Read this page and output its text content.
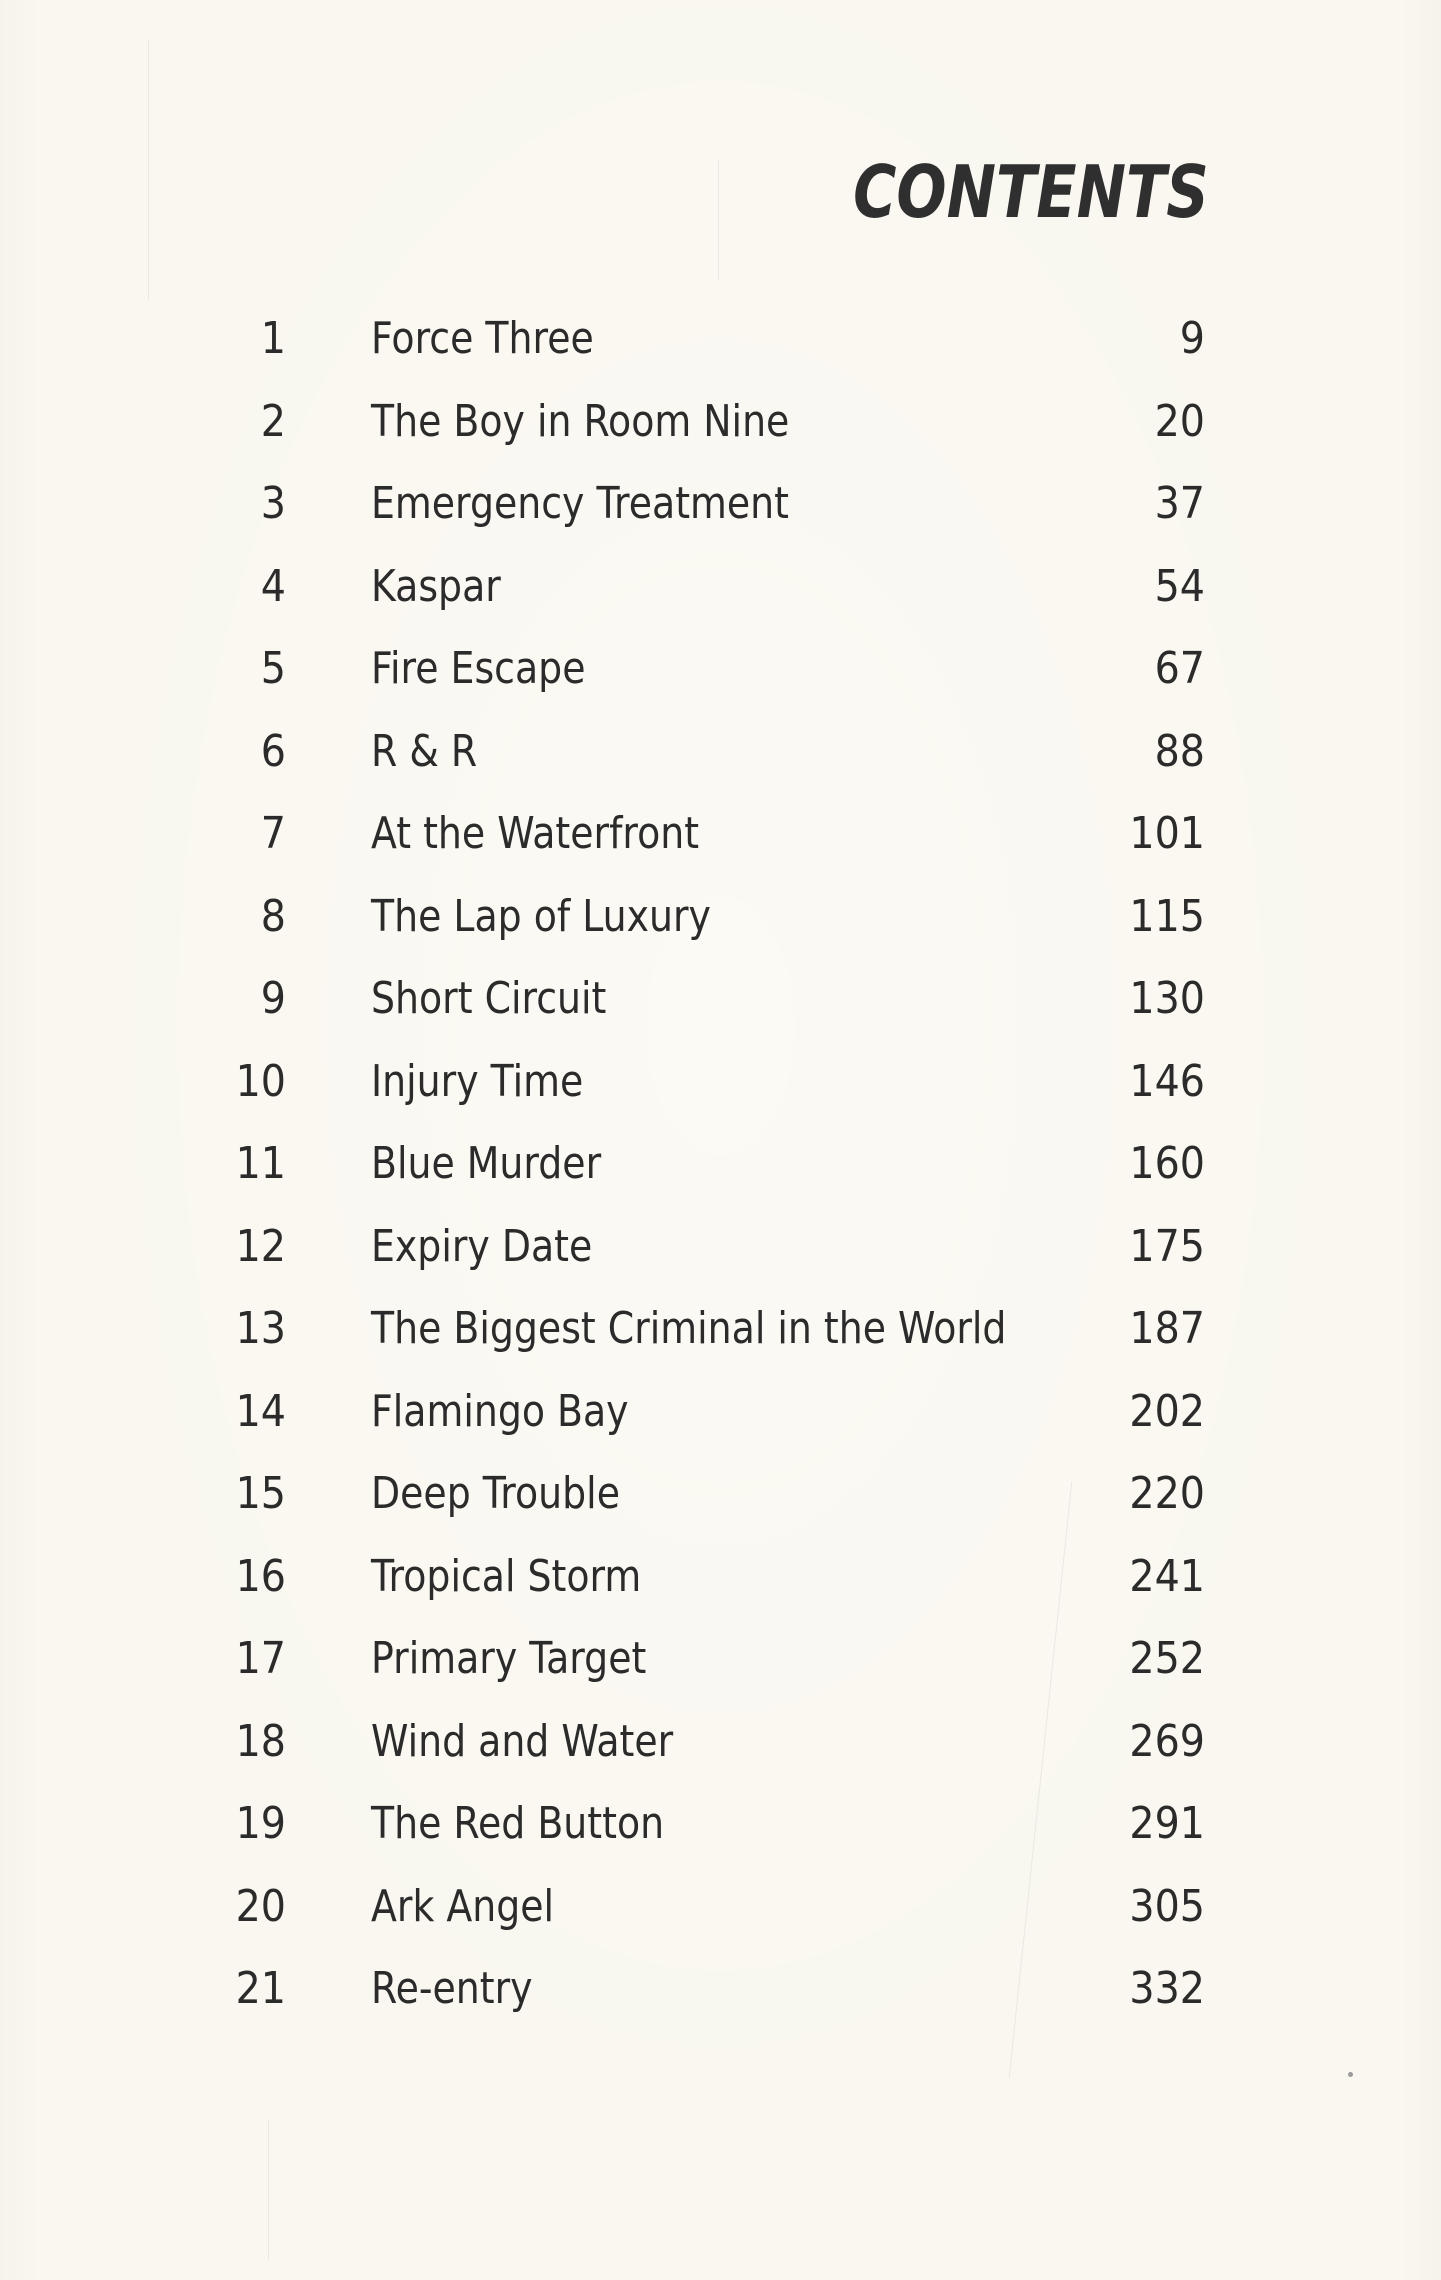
CONTENTS
1 Force Three	9
2 The Boy in Room Nine	20
3 Emergency Treatment	37
4 Kaspar	54
5 Fire Escape	67
6 R & R	88
7 At the Waterfront	101
8 The Lap of Luxury	115
9 Short Circuit	130
10 Injury Time	146
11 Blue Murder	160
12 Expiry Date	175
13 The Biggest Criminal in the World	187
14 Flamingo Bay	202
15 Deep Trouble	220
16 Tropical Storm	241
17 Primary Target	252
18 Wind and Water	269
19 The Red Button	291
20 Ark Angel	305
21 Re-entry	332
